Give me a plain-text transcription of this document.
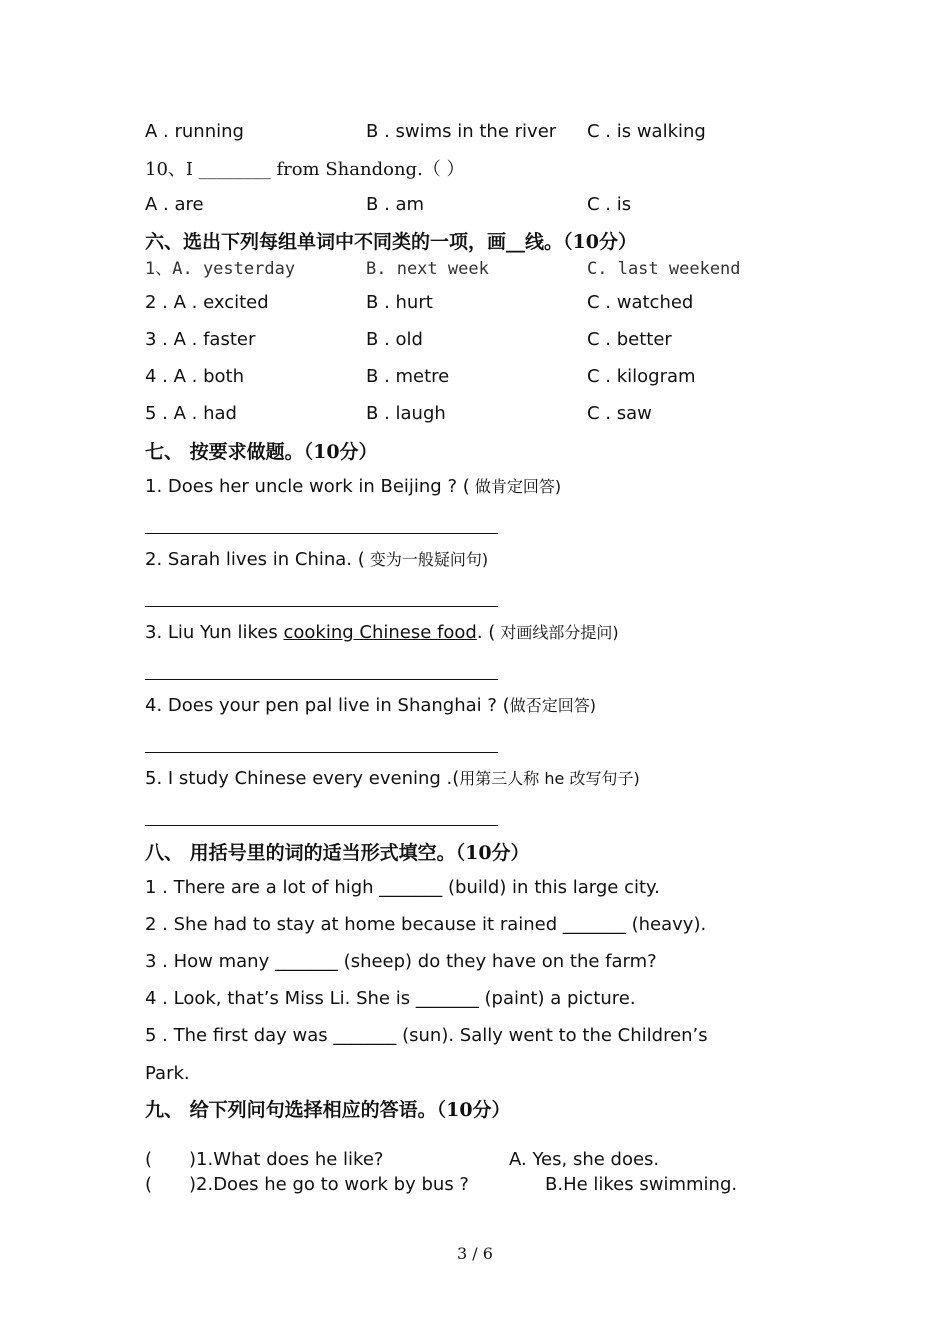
A . running	B . swims in the river C . is walking
10、I ________ from Shandong.（ ）
A . are	B . am	C . is
六、选出下列每组单词中不同类的一项，画__线。（10分）
1、A. yesterday	B. next week	C. last weekend
2 . A . excited	B . hurt	C . watched
3 . A . faster	B . old	C . better
4 . A . both	B . metre	C . kilogram
5 . A . had	B . laugh	C . saw
七、 按要求做题。（10分）
1. Does her uncle work in Beijing ? ( 做肯定回答)
2. Sarah lives in China. ( 变为一般疑问句)
3. Liu Yun likes cooking Chinese food. ( 对画线部分提问)
4. Does your pen pal live in Shanghai ? (做否定回答)
5. I study Chinese every evening .(用第三人称 he 改写句子)
八、 用括号里的词的适当形式填空。（10分）
1 . There are a lot of high _______ (build) in this large city.
2 . She had to stay at home because it rained _______ (heavy).
3 . How many _______ (sheep) do they have on the farm?
4 . Look, that’s Miss Li. She is _______ (paint) a picture.
5 . The first day was _______ (sun). Sally went to the Children’s
Park.
九、 给下列问句选择相应的答语。（10分）
( )1.What does he like?	A. Yes, she does.
( )2.Does he go to work by bus ?	B.He likes swimming.
3 / 6
